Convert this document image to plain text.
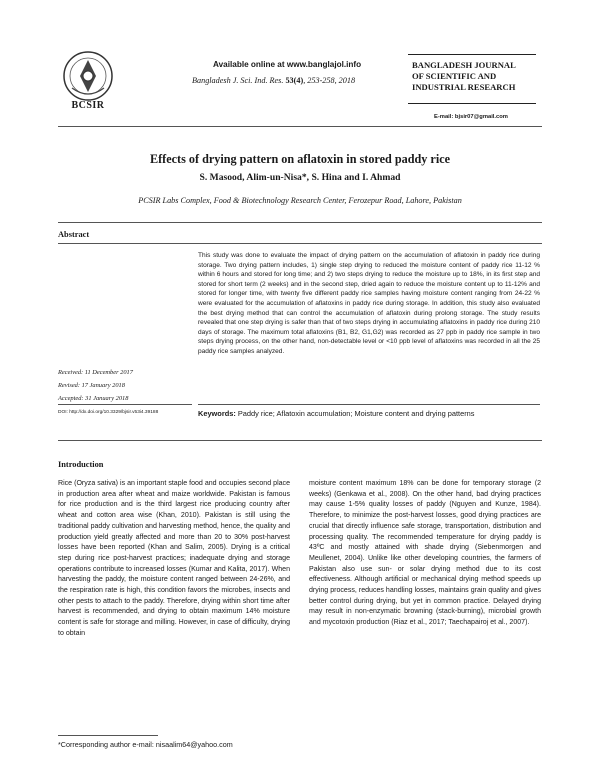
BCSIR
Available online at www.banglajol.info
Bangladesh J. Sci. Ind. Res. 53(4), 253-258, 2018
BANGLADESH JOURNAL
OF SCIENTIFIC AND
INDUSTRIAL RESEARCH
E-mail: bjsir07@gmail.com
Effects of drying pattern on aflatoxin in stored paddy rice
S. Masood, Alim-un-Nisa*, S. Hina and I. Ahmad
PCSIR Labs Complex, Food & Biotechnology Research Center, Ferozepur Road, Lahore, Pakistan
Abstract
This study was done to evaluate the impact of drying pattern on the accumulation of aflatoxin in paddy rice during storage. Two drying pattern includes, 1) single step drying to reduced the moisture content of paddy rice 11-12 % within 6 hours and stored for long time; and 2) two steps drying to reduce the moisture up to 18%, in its first step and stored for short term (2 weeks) and in the second step, dried again to reduce the moisture content up to 11-12% and stored for longer time, with twenty five different paddy rice samples having moisture content ranging from 24-22 % were evaluated for the accumulation of aflatoxins in paddy rice during storage. In addition, this study also evaluated the best drying method that can control the accumulation of aflatoxin during prolong storage. The study results revealed that one step drying is safer than that of two steps drying in accumulating aflatoxins in paddy rice during 210 days of storage. The maximum total aflatoxins (B1, B2, G1,G2) was recorded as 27 ppb in paddy rice sample in two steps drying process, on the other hand, non-detectable level or <10 ppb level of aflatoxins was recorded in all the 25 paddy rice samples analyzed.
Received: 11 December 2017
Revised: 17 January 2018
Accepted: 31 January 2018
DOI: http://dx.doi.org/10.3329/bjsir.v53i4.39188	Keywords: Paddy rice; Aflatoxin accumulation; Moisture content and drying patterns
Introduction
Rice (Oryza sativa) is an important staple food and occupies second place in production area after wheat and maize worldwide. Pakistan is famous for rice production and is the third largest rice producing country after wheat and cotton area wise (Khan, 2010). Pakistan is still using the traditional paddy cultivation and harvesting method, hence, the quality and production yield greatly affected and more than 20 to 30% post-harvest losses have been reported (Khan and Salim, 2005). Drying is a critical step during rice post-harvest practices; inadequate drying and storage operations contribute to increased losses (Kumar and Kalita, 2017). When harvesting the paddy, the moisture content ranged between 24-26%, and the respiration rate is high, this condition favors the microbes, insects and other pests to attach to the paddy. Therefore, drying within short time after harvest is recommended, and drying to obtain maximum 14% moisture content is safe for storage and milling. However, in case of difficulty, drying to obtain
moisture content maximum 18% can be done for temporary storage (2 weeks) (Genkawa et al., 2008). On the other hand, bad drying practices may cause 1-5% quality losses of paddy (Nguyen and Kunze, 1984). Therefore, to minimize the post-harvest losses, good drying practices are crucial that directly influence safe storage, transportation, distribution and processing quality. The recommended temperature for drying paddy is 43ºC and mostly attained with shade drying (Siebenmorgen and Meullenet, 2004). Unlike like other developing countries, the farmers of Pakistan also use sun- or solar drying method due to its cost effectiveness. Although artificial or mechanical drying method speeds up drying process, reduces handling losses, maintains grain quality and gives better control during drying, but yet in common practice. Delayed drying may result in non-enzymatic browning (stack-burning), microbial growth and mycotoxin production (Riaz et al., 2017; Taechapairoj et al., 2007).
*Corresponding author e-mail: nisaalim64@yahoo.com
